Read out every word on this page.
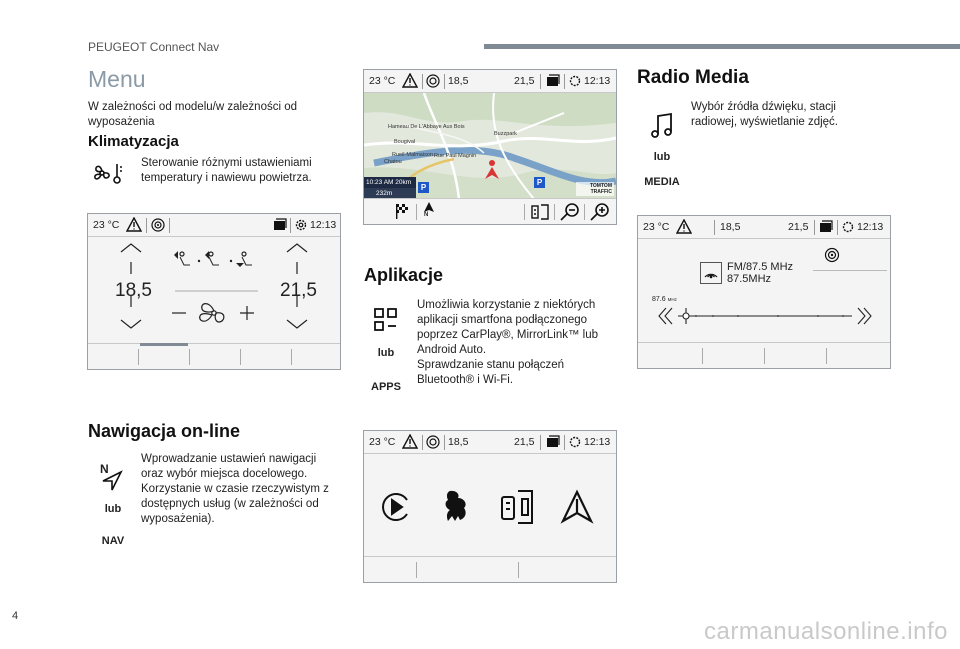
PEUGEOT Connect Nav
Menu
W zależności od modelu/w zależności od wyposażenia
Klimatyzacja
Sterowanie różnymi ustawieniami temperatury i nawiewu powietrza.
23 °C	12:13
18,5	21,5
Nawigacja on-line
N
lub
NAV
Wprowadzanie ustawień nawigacji oraz wybór miejsca docelowego. Korzystanie w czasie rzeczywistym z dostępnych usług (w zależności od wyposażenia).
23 °C	18,5	21,5	12:13
Hameau De L'Abbaye Aux Bois
Buzzpark
Bougival
Rueil-Malmaison Rue Paul Magnin
Chatou
10:23 AM 20km
232m
P
P	TOMTOM TRAFFIC
N
Aplikacje
lub
APPS
Umożliwia korzystanie z niektórych aplikacji smartfona podłączonego poprzez CarPlay®, MirrorLink™ lub Android Auto.
Sprawdzanie stanu połączeń Bluetooth® i Wi-Fi.
23 °C	18,5	21,5	12:13
Radio Media
lub
MEDIA
Wybór źródła dźwięku, stacji radiowej, wyświetlanie zdjęć.
23 °C	18,5	21,5	12:13
FM/87.5 MHz
87.5MHz
87.6 MHz
4
carmanualsonline.info
